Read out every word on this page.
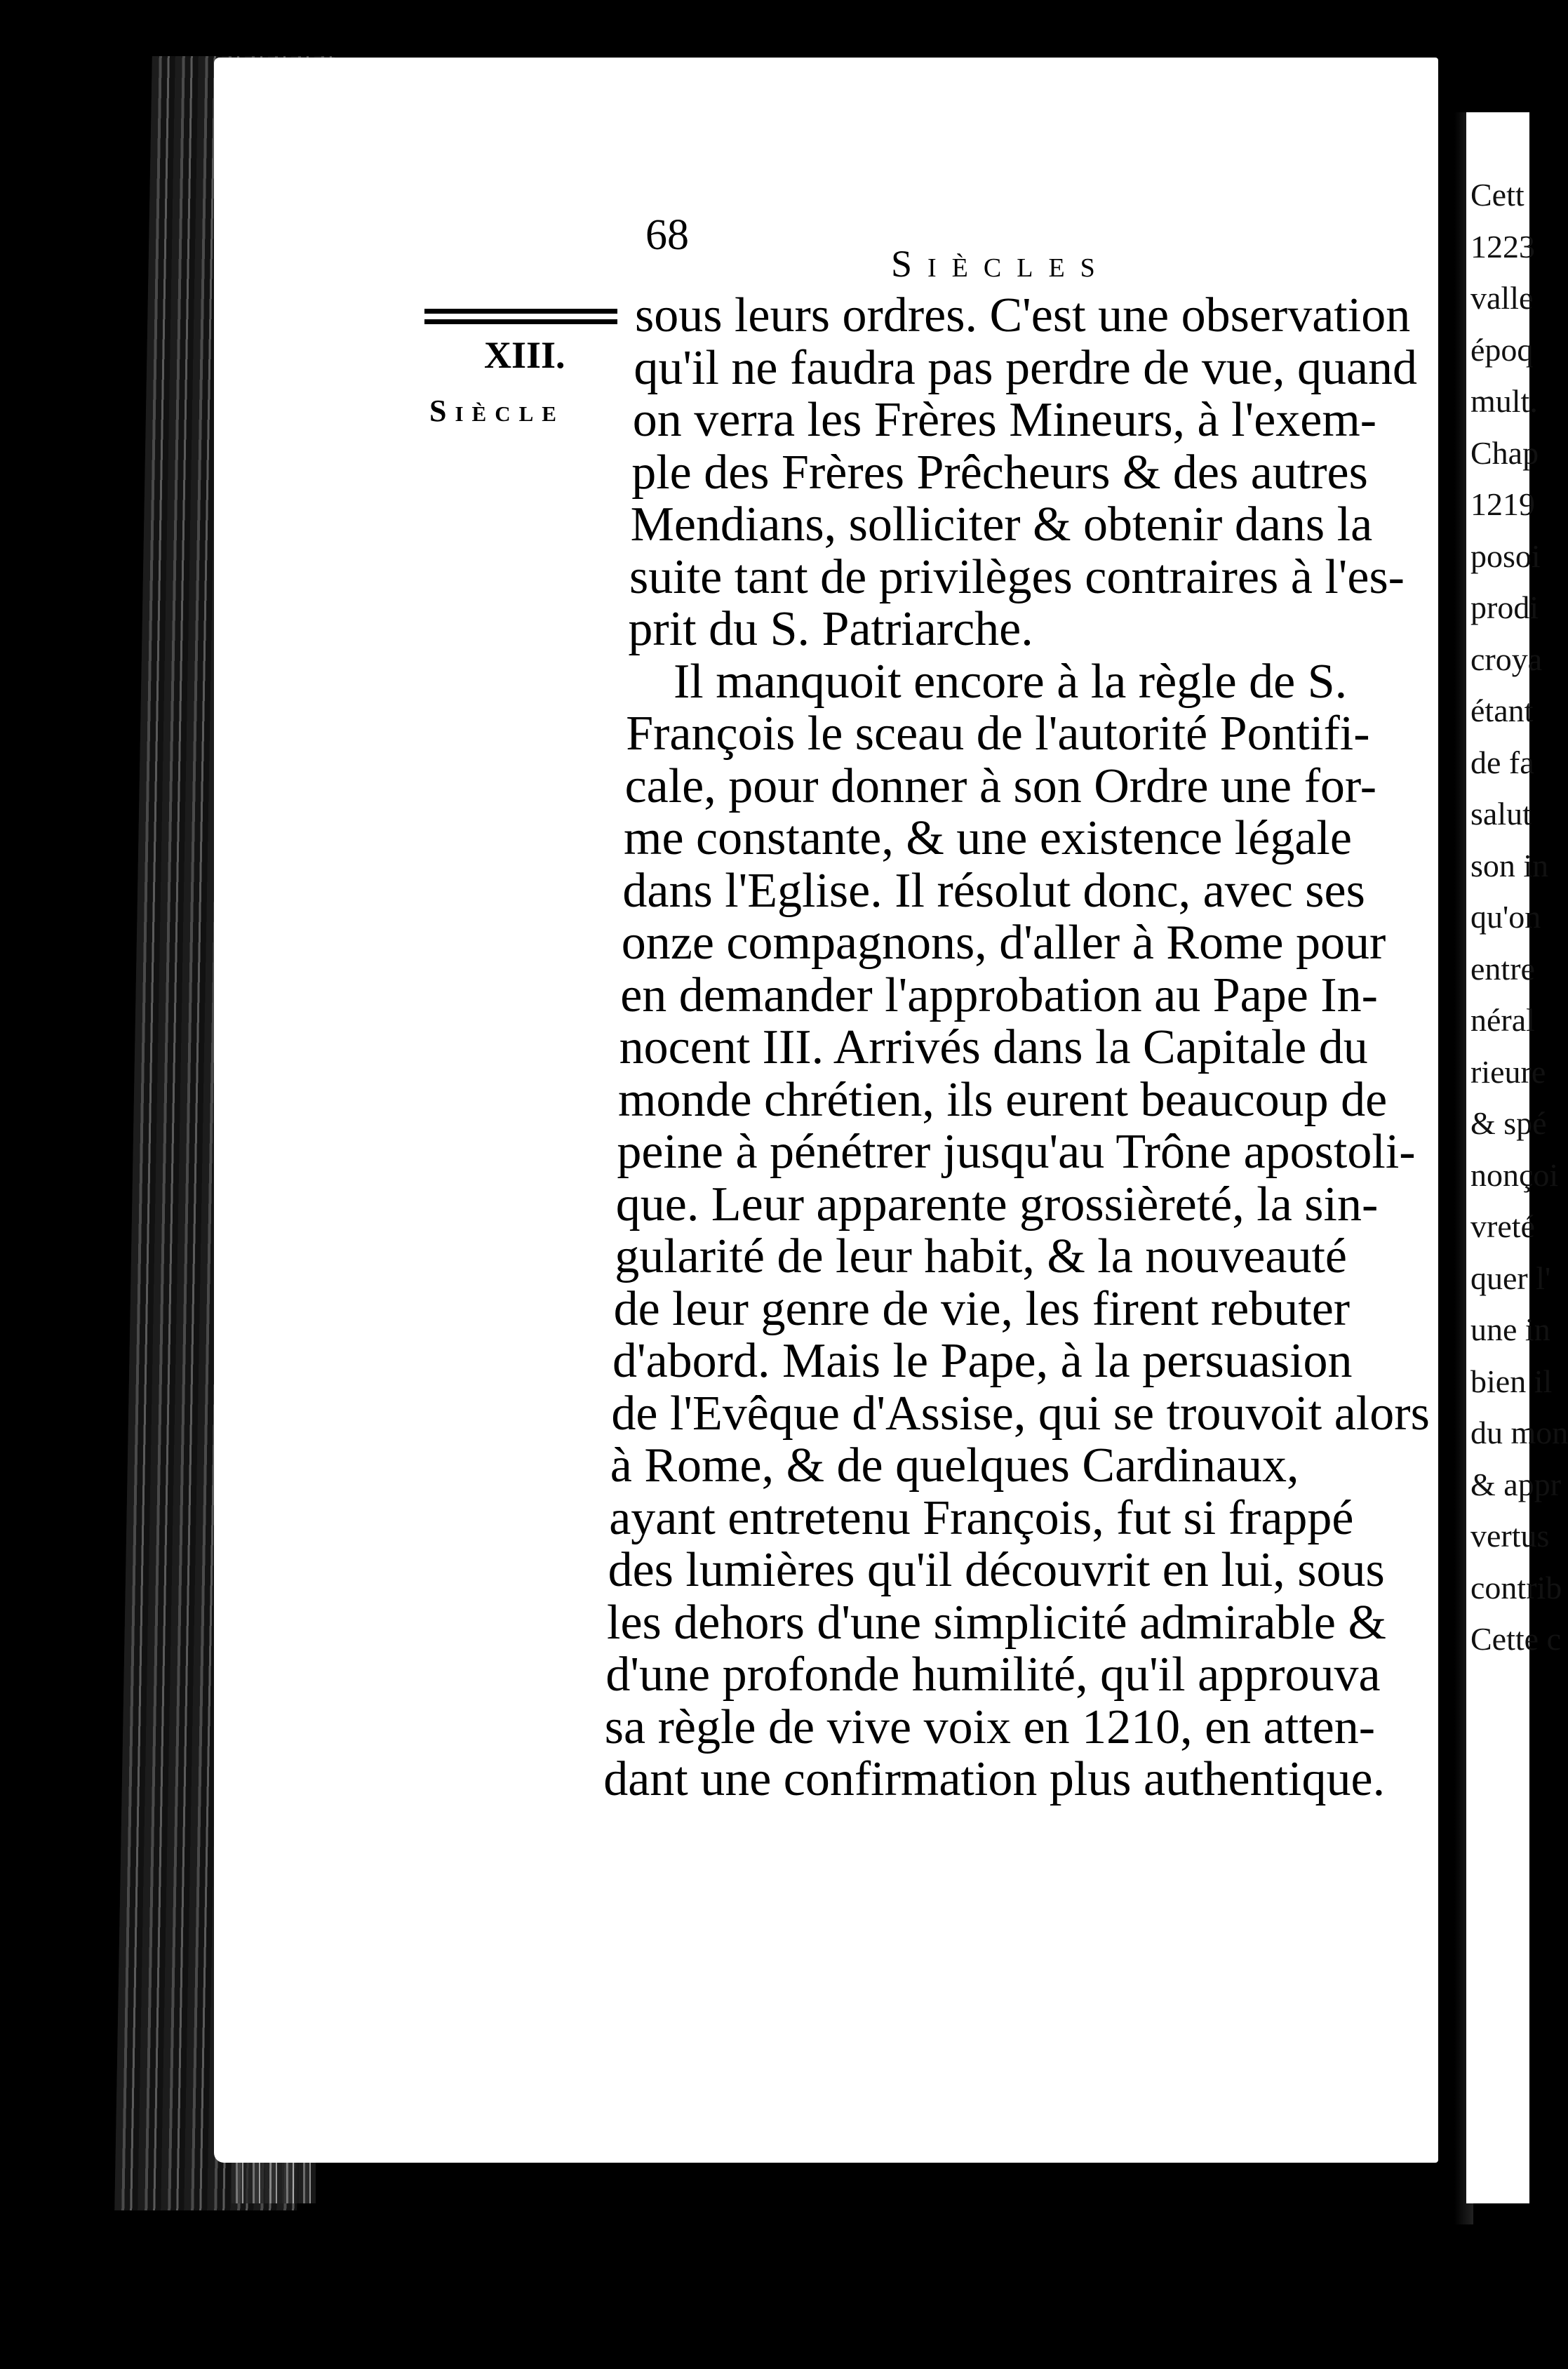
Cett
1223
valle
époq
mult.
Chap
1219
posoi
prodi
croya
étant
de fa
salut
son in
qu'on
entre
néral
rieure
& spé
nonçoi
vreté
quer l'
une in
bien il
du mon
& appr
vertus
contrib
Cette c
68
Siècles
XIII.
Siècle
sous leurs ordres. C'est une observation
qu'il ne faudra pas perdre de vue, quand
on verra les Frères Mineurs, à l'exem-
ple des Frères Prêcheurs & des autres
Mendians, solliciter & obtenir dans la
suite tant de privilèges contraires à l'es-
prit du S. Patriarche.
Il manquoit encore à la règle de S.
François le sceau de l'autorité Pontifi-
cale, pour donner à son Ordre une for-
me constante, & une existence légale
dans l'Eglise. Il résolut donc, avec ses
onze compagnons, d'aller à Rome pour
en demander l'approbation au Pape In-
nocent III. Arrivés dans la Capitale du
monde chrétien, ils eurent beaucoup de
peine à pénétrer jusqu'au Trône apostoli-
que. Leur apparente grossièreté, la sin-
gularité de leur habit, & la nouveauté
de leur genre de vie, les firent rebuter
d'abord. Mais le Pape, à la persuasion
de l'Evêque d'Assise, qui se trouvoit alors
à Rome, & de quelques Cardinaux,
ayant entretenu François, fut si frappé
des lumières qu'il découvrit en lui, sous
les dehors d'une simplicité admirable &
d'une profonde humilité, qu'il approuva
sa règle de vive voix en 1210, en atten-
dant une confirmation plus authentique.
